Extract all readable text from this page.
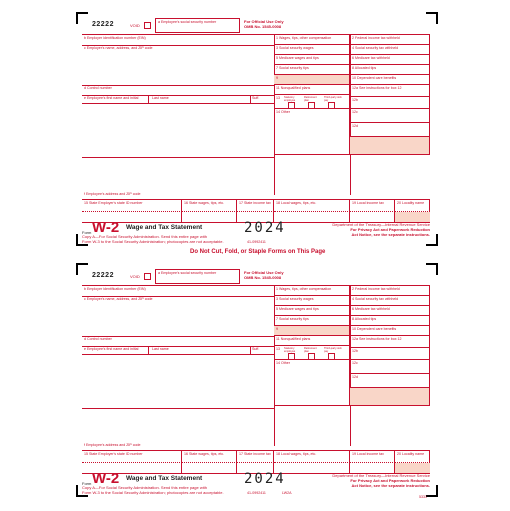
22222	VOID
a Employee's social security number	For Official Use Only
OMB No. 1545-0008
b Employer identification number (EIN)
c Employer's name, address, and ZIP code
d Control number
e Employee's first name and initial	Last name	Suff.
f Employee's address and ZIP code
1 Wages, tips, other compensation	2 Federal income tax withheld
3 Social security wages	4 Social security tax withheld
5 Medicare wages and tips	6 Medicare tax withheld
7 Social security tips	8 Allocated tips
9	10 Dependent care benefits
11 Nonqualified plans	12a See instructions for box 12
13 Statutory employee
Retirement plan
Third-party sick pay
14 Other
12b
12c
12d
15 State Employer's state ID number	16 State wages, tips, etc.	17 State income tax 18 Local wages, tips, etc.	19 Local income tax	20 Locality name
Form W-2 Wage and Tax Statement	2024
Copy A—For Social Security Administration. Send this entire page with
Form W-3 to the Social Security Administration; photocopies are not acceptable.	41-0992411
Department of the Treasury—Internal Revenue Service
For Privacy Act and Paperwork Reduction
Act Notice, see the separate instructions.
22222	VOID
a Employee's social security number	For Official Use Only
OMB No. 1545-0008
b Employer identification number (EIN)
c Employer's name, address, and ZIP code
d Control number
e Employee's first name and initial	Last name	Suff.
f Employee's address and ZIP code
1 Wages, tips, other compensation	2 Federal income tax withheld
3 Social security wages	4 Social security tax withheld
5 Medicare wages and tips	6 Medicare tax withheld
7 Social security tips	8 Allocated tips
9	10 Dependent care benefits
11 Nonqualified plans	12a See instructions for box 12
13 Statutory employee
Retirement plan
Third-party sick pay
14 Other
12b
12c
12d
15 State Employer's state ID number	16 State wages, tips, etc.	17 State income tax 18 Local wages, tips, etc.	19 Local income tax	20 Locality name
Form W-2 Wage and Tax Statement	2024
Copy A—For Social Security Administration. Send this entire page with
Form W-3 to the Social Security Administration; photocopies are not acceptable.	41-0992411	LW2A
5331
Department of the Treasury—Internal Revenue Service
For Privacy Act and Paperwork Reduction
Act Notice, see the separate instructions.
Do Not Cut, Fold, or Staple Forms on This Page
